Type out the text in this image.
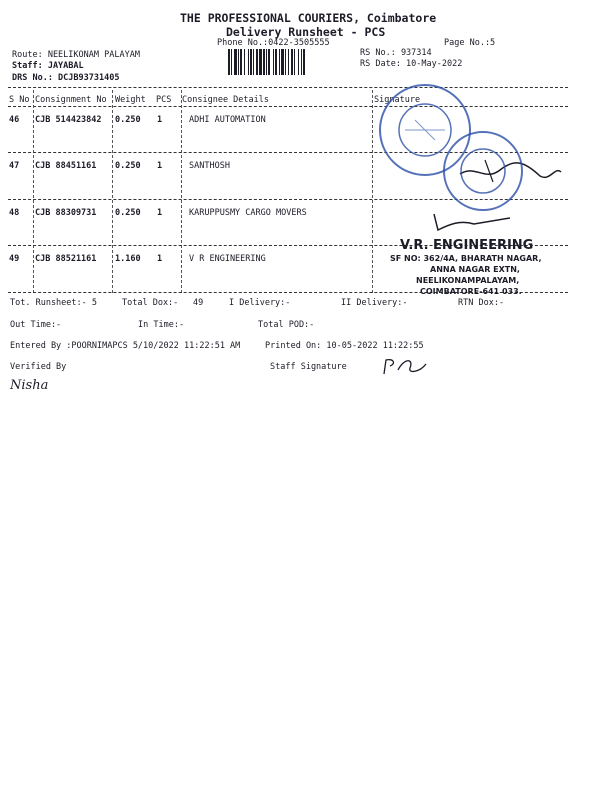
THE PROFESSIONAL COURIERS, Coimbatore
Delivery Runsheet - PCS
Phone No.:0422-3505555	Page No.:5
Route: NEELIKONAM PALAYAM
Staff: JAYABAL
DRS No.: DCJB93731405
RS No.: 937314
RS Date: 10-May-2022
S No Consignment No Weight PCS Consignee Details	Signature
46 CJB 514423842 0.250 1	ADHI AUTOMATION
47 CJB 88451161 0.250 1	SANTHOSH
48 CJB 88309731 0.250 1	KARUPPUSMY CARGO MOVERS
49 CJB 88521161 1.160 1	V R ENGINEERING
V.R. ENGINEERING
SF NO: 362/4A, BHARATH NAGAR,
ANNA NAGAR EXTN,
NEELIKONAMPALAYAM,
COIMBATORE-641 033.
Tot. Runsheet:- 5	Total Dox:- 49	I Delivery:-	II Delivery:-	RTN Dox:-
Out Time:-	In Time:-	Total POD:-
Entered By :POORNIMAPCS 5/10/2022 11:22:51 AM	Printed On: 10-05-2022 11:22:55
Verified By	Staff Signature
Nisha
